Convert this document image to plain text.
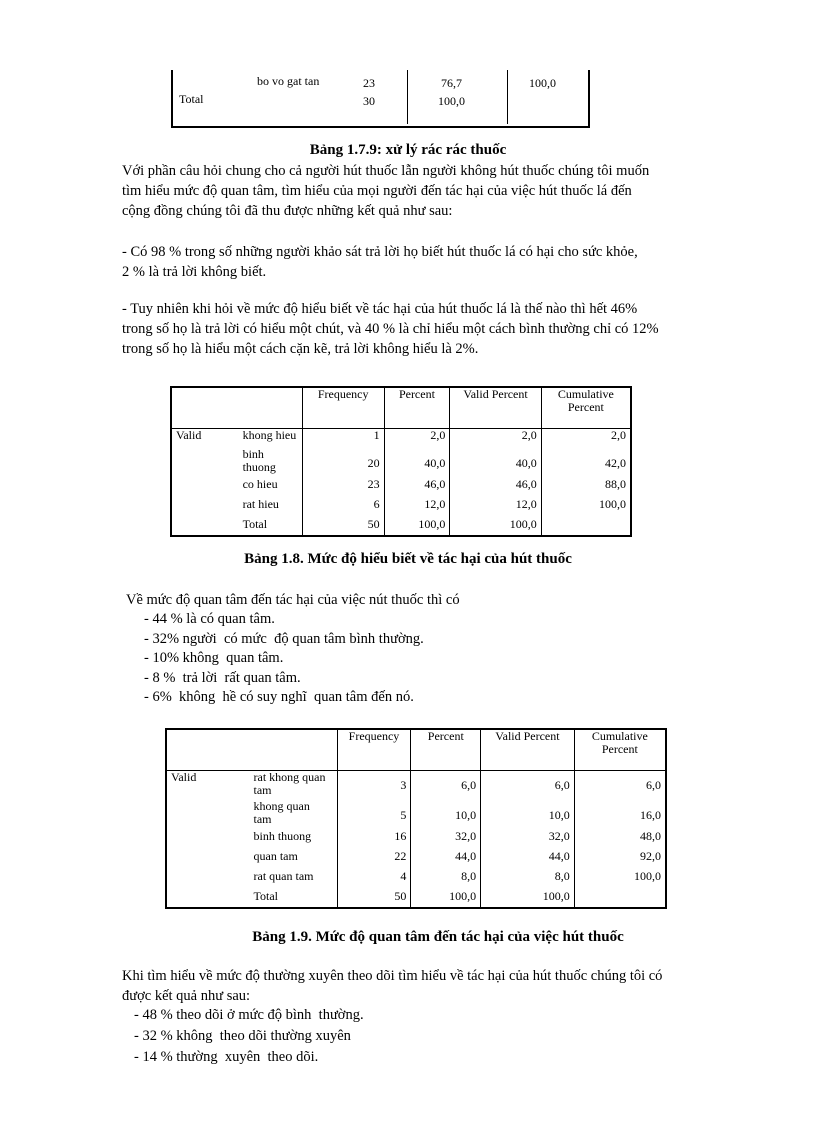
bo vo gat tan	23	76,7	100,0
Total	30	100,0
Bảng 1.7.9: xử lý rác rác thuốc
Với phần câu hỏi chung cho cả người hút thuốc lẫn người không hút thuốc chúng tôi muốn
tìm hiểu mức độ quan tâm, tìm hiểu của mọi người đến tác hại của việc hút thuốc lá đến
cộng đồng chúng tôi đã thu được những kết quả như sau:
- Có 98 % trong số những người khảo sát trả lời họ biết hút thuốc lá có hại cho sức khỏe,
2 % là trả lời không biết.
- Tuy nhiên khi hỏi về mức độ hiểu biết về tác hại của hút thuốc lá là thế nào thì hết 46%
trong số họ là trả lời có hiểu một chút, và 40 % là chỉ hiểu một cách bình thường chỉ có 12%
trong số họ là hiểu một cách cặn kẽ, trả lời không hiểu là 2%.
		Frequency	Percent	Valid Percent	Cumulative
Percent
Valid	khong hieu	1	2,0	2,0	2,0
	binh
thuong	20	40,0	40,0	42,0
	co hieu	23	46,0	46,0	88,0
	rat hieu	6	12,0	12,0	100,0
	Total	50	100,0	100,0	
Bảng 1.8. Mức độ hiểu biết về tác hại của hút thuốc
Về mức độ quan tâm đến tác hại của việc nút thuốc thì có
- 44 % là có quan tâm.
- 32% người  có mức  độ quan tâm bình thường.
- 10% không  quan tâm.
- 8 %  trả lời  rất quan tâm.
- 6%  không  hề có suy nghĩ  quan tâm đến nó.
		Frequency	Percent	Valid Percent	Cumulative
Percent
Valid	rat khong quan
tam	3	6,0	6,0	6,0
	khong quan
tam	5	10,0	10,0	16,0
	binh thuong	16	32,0	32,0	48,0
	quan tam	22	44,0	44,0	92,0
	rat quan tam	4	8,0	8,0	100,0
	Total	50	100,0	100,0	
Bảng 1.9. Mức độ quan tâm đến tác hại của việc hút thuốc
Khi tìm hiểu về mức độ thường xuyên theo dõi tìm hiểu về tác hại của hút thuốc chúng tôi có
được kết quả như sau:
- 48 % theo dõi ở mức độ bình  thường.
- 32 % không  theo dõi thường xuyên
- 14 % thường  xuyên  theo dõi.
